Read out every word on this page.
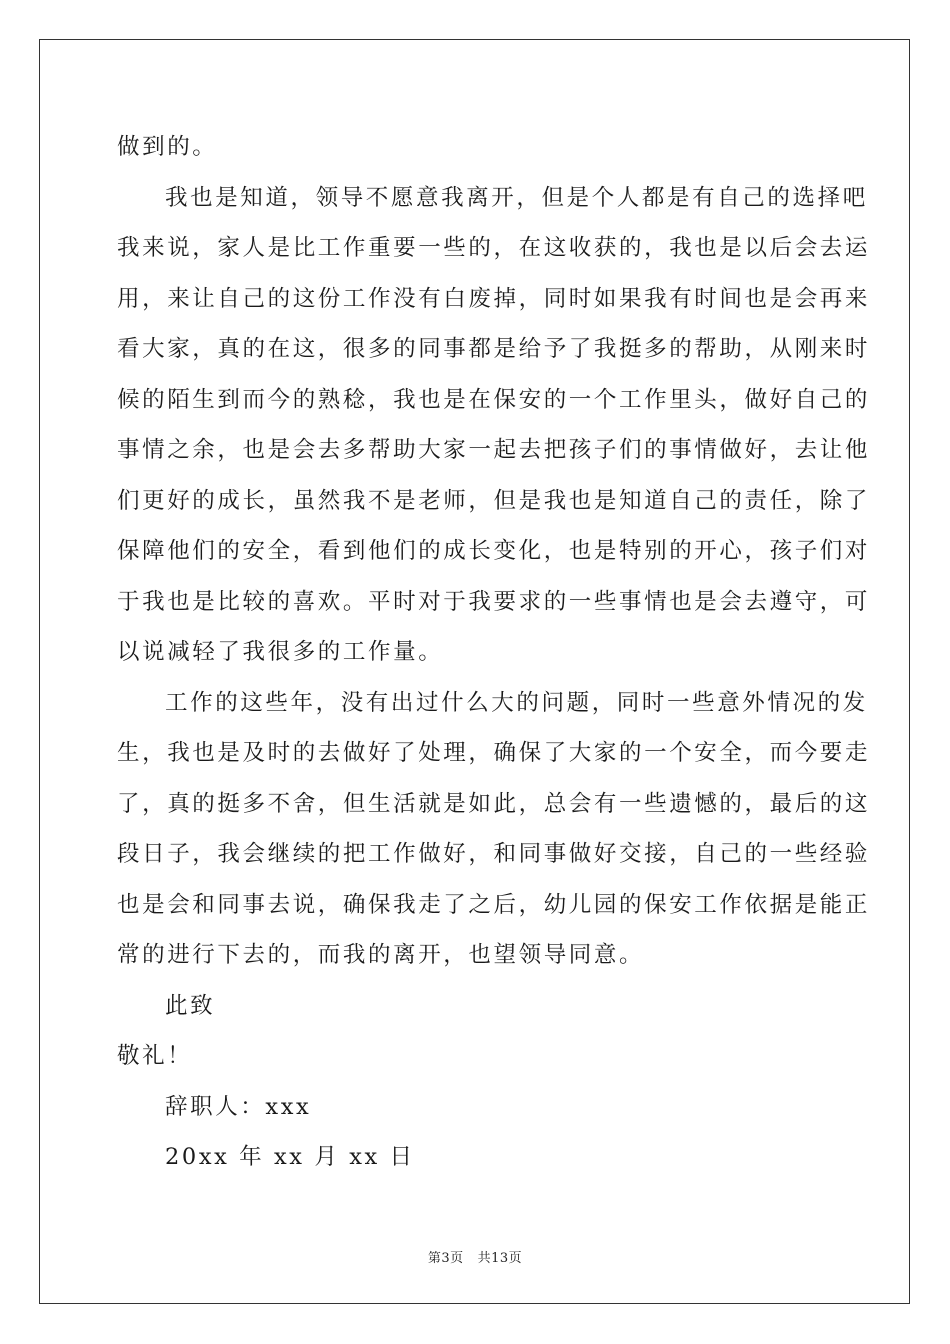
做到的。
我也是知道，领导不愿意我离开，但是个人都是有自己的选择吧
我来说，家人是比工作重要一些的，在这收获的，我也是以后会去运
用，来让自己的这份工作没有白废掉，同时如果我有时间也是会再来
看大家，真的在这，很多的同事都是给予了我挺多的帮助，从刚来时
候的陌生到而今的熟稔，我也是在保安的一个工作里头，做好自己的
事情之余，也是会去多帮助大家一起去把孩子们的事情做好，去让他
们更好的成长，虽然我不是老师，但是我也是知道自己的责任，除了
保障他们的安全，看到他们的成长变化，也是特别的开心，孩子们对
于我也是比较的喜欢。平时对于我要求的一些事情也是会去遵守，可
以说减轻了我很多的工作量。
工作的这些年，没有出过什么大的问题，同时一些意外情况的发
生，我也是及时的去做好了处理，确保了大家的一个安全，而今要走
了，真的挺多不舍，但生活就是如此，总会有一些遗憾的，最后的这
段日子，我会继续的把工作做好，和同事做好交接，自己的一些经验
也是会和同事去说，确保我走了之后，幼儿园的保安工作依据是能正
常的进行下去的，而我的离开，也望领导同意。
此致
敬礼！
辞职人：xxx
20xx 年 xx 月 xx 日
第3页 共13页
